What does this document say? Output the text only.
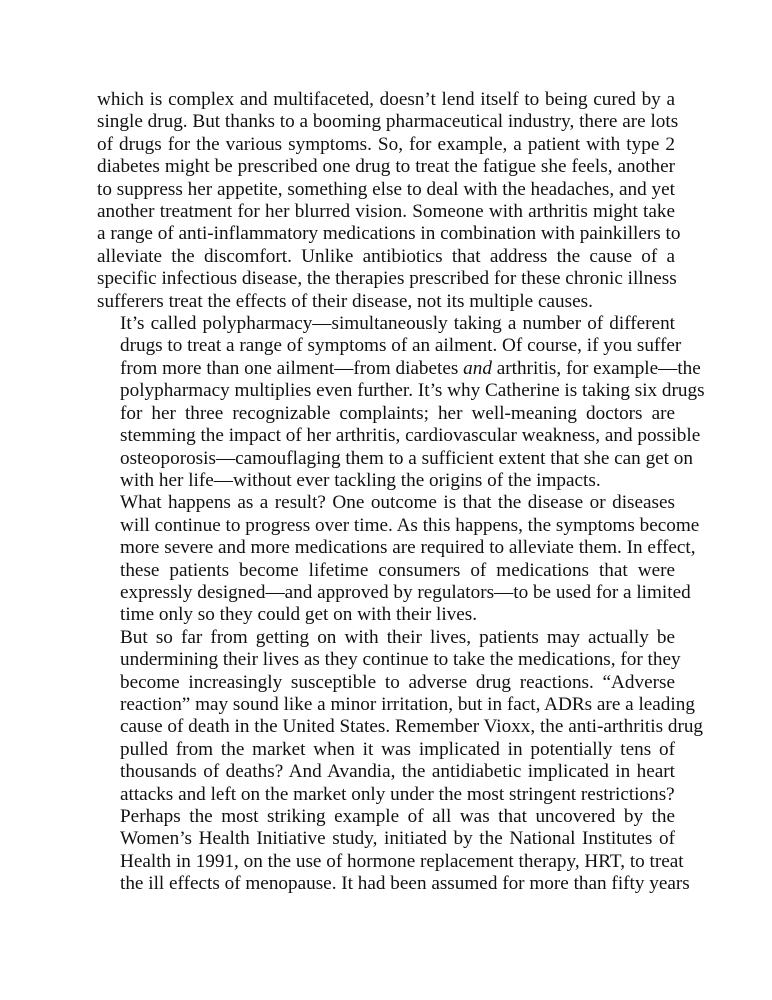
which is complex and multifaceted, doesn’t lend itself to being cured by a
single drug. But thanks to a booming pharmaceutical industry, there are lots
of drugs for the various symptoms. So, for example, a patient with type 2
diabetes might be prescribed one drug to treat the fatigue she feels, another
to suppress her appetite, something else to deal with the headaches, and yet
another treatment for her blurred vision. Someone with arthritis might take
a range of anti-inflammatory medications in combination with painkillers to
alleviate the discomfort. Unlike antibiotics that address the cause of a
specific infectious disease, the therapies prescribed for these chronic illness
sufferers treat the effects of their disease, not its multiple causes.

It’s called polypharmacy—simultaneously taking a number of different
drugs to treat a range of symptoms of an ailment. Of course, if you suffer
from more than one ailment—from diabetes and arthritis, for example—the
polypharmacy multiplies even further. It’s why Catherine is taking six drugs
for her three recognizable complaints; her well-meaning doctors are
stemming the impact of her arthritis, cardiovascular weakness, and possible
osteoporosis—camouflaging them to a sufficient extent that she can get on
with her life—without ever tackling the origins of the impacts.

What happens as a result? One outcome is that the disease or diseases
will continue to progress over time. As this happens, the symptoms become
more severe and more medications are required to alleviate them. In effect,
these patients become lifetime consumers of medications that were
expressly designed—and approved by regulators—to be used for a limited
time only so they could get on with their lives.

But so far from getting on with their lives, patients may actually be
undermining their lives as they continue to take the medications, for they
become increasingly susceptible to adverse drug reactions. “Adverse
reaction” may sound like a minor irritation, but in fact, ADRs are a leading
cause of death in the United States. Remember Vioxx, the anti-arthritis drug
pulled from the market when it was implicated in potentially tens of
thousands of deaths? And Avandia, the antidiabetic implicated in heart
attacks and left on the market only under the most stringent restrictions?

Perhaps the most striking example of all was that uncovered by the
Women’s Health Initiative study, initiated by the National Institutes of
Health in 1991, on the use of hormone replacement therapy, HRT, to treat
the ill effects of menopause. It had been assumed for more than fifty years
